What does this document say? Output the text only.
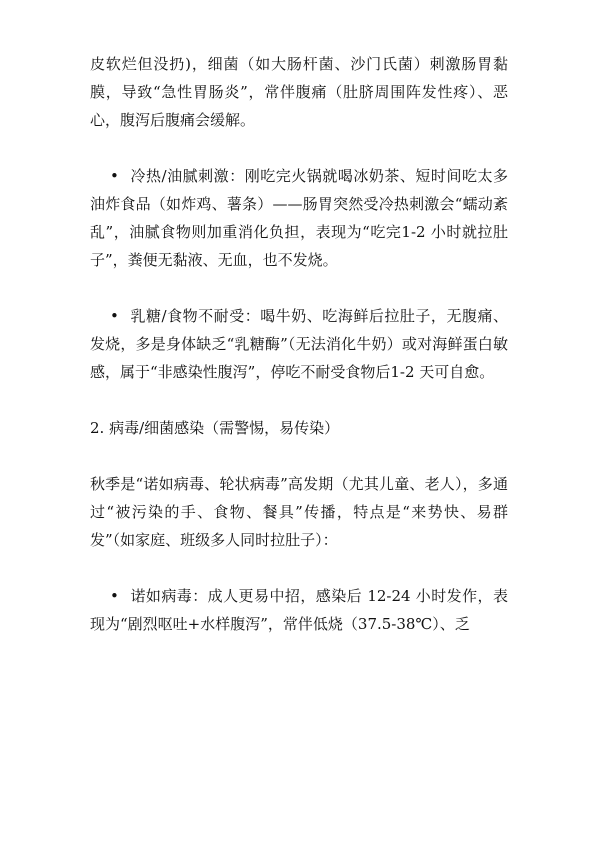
皮软烂但没扔)，细菌（如大肠杆菌、沙门氏菌）刺激肠胃黏膜，导致“急性胃肠炎”，常伴腹痛（肚脐周围阵发性疼）、恶心，腹泻后腹痛会缓解。

• 冷热/油腻刺激：刚吃完火锅就喝冰奶茶、短时间吃太多油炸食品（如炸鸡、薯条）——肠胃突然受冷热刺激会“蠕动紊乱”，油腻食物则加重消化负担，表现为“吃完1-2 小时就拉肚子”，粪便无黏液、无血，也不发烧。

• 乳糖/食物不耐受：喝牛奶、吃海鲜后拉肚子，无腹痛、发烧，多是身体缺乏“乳糖酶”（无法消化牛奶）或对海鲜蛋白敏感，属于“非感染性腹泻”，停吃不耐受食物后1-2 天可自愈。

2. 病毒/细菌感染（需警惕，易传染）

秋季是“诺如病毒、轮状病毒”高发期（尤其儿童、老人），多通过“被污染的手、食物、餐具”传播，特点是“来势快、易群发”（如家庭、班级多人同时拉肚子）：

• 诺如病毒：成人更易中招，感染后 12-24 小时发作，表现为“剧烈呕吐+水样腹泻”，常伴低烧（37.5-38℃）、乏
